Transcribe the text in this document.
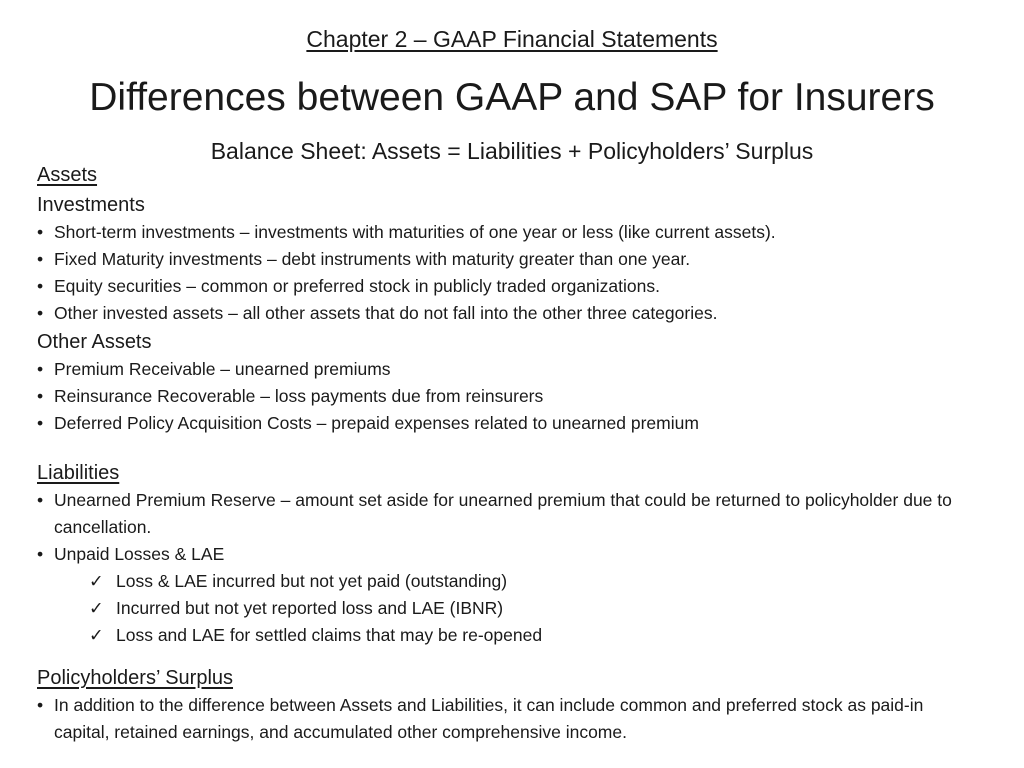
Chapter 2 – GAAP Financial Statements
Differences between GAAP and SAP for Insurers
Balance Sheet: Assets = Liabilities + Policyholders’ Surplus
Assets
Investments
• Short-term investments – investments with maturities of one year or less (like current assets).
• Fixed Maturity investments – debt instruments with maturity greater than one year.
• Equity securities – common or preferred stock in publicly traded organizations.
• Other invested assets – all other assets that do not fall into the other three categories.
Other Assets
• Premium Receivable – unearned premiums
• Reinsurance Recoverable – loss payments due from reinsurers
• Deferred Policy Acquisition Costs – prepaid expenses related to unearned premium
Liabilities
• Unearned Premium Reserve – amount set aside for unearned premium that could be returned to policyholder due to cancellation.
• Unpaid Losses & LAE
✓ Loss & LAE incurred but not yet paid (outstanding)
✓ Incurred but not yet reported loss and LAE (IBNR)
✓ Loss and LAE for settled claims that may be re-opened
Policyholders’ Surplus
• In addition to the difference between Assets and Liabilities, it can include common and preferred stock as paid-in capital, retained earnings, and accumulated other comprehensive income.
